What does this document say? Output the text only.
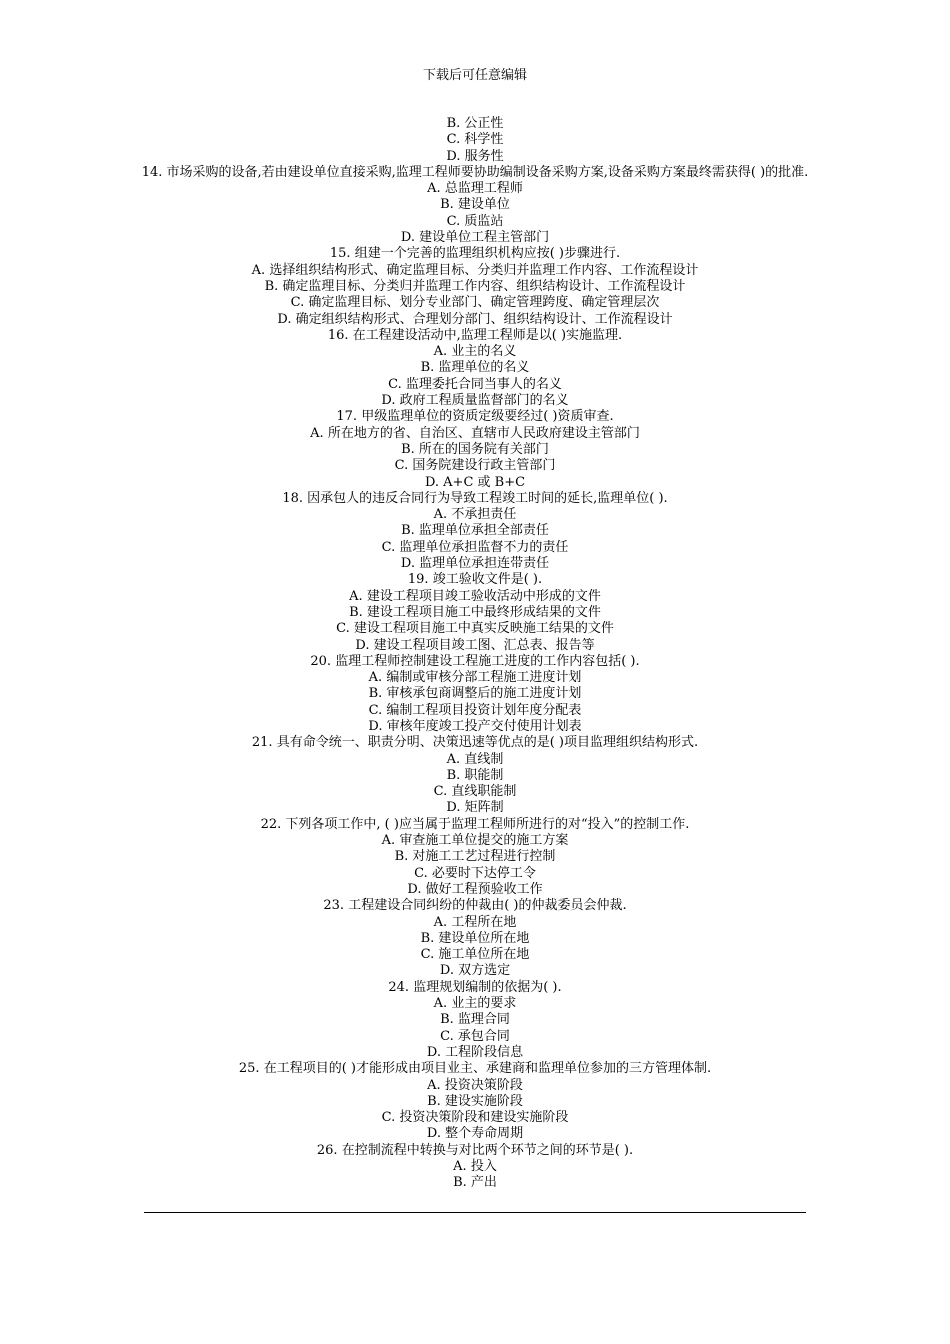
下载后可任意编辑
B. 公正性
C. 科学性
D. 服务性
14. 市场采购的设备,若由建设单位直接采购,监理工程师要协助编制设备采购方案,设备采购方案最终需获得( )的批准.
A. 总监理工程师
B. 建设单位
C. 质监站
D. 建设单位工程主管部门
15. 组建一个完善的监理组织机构应按( )步骤进行.
A. 选择组织结构形式、确定监理目标、分类归并监理工作内容、工作流程设计
B. 确定监理目标、分类归并监理工作内容、组织结构设计、工作流程设计
C. 确定监理目标、划分专业部门、确定管理跨度、确定管理层次
D. 确定组织结构形式、合理划分部门、组织结构设计、工作流程设计
16. 在工程建设活动中,监理工程师是以( )实施监理.
A. 业主的名义
B. 监理单位的名义
C. 监理委托合同当事人的名义
D. 政府工程质量监督部门的名义
17. 甲级监理单位的资质定级要经过( )资质审查.
A. 所在地方的省、自治区、直辖市人民政府建设主管部门
B. 所在的国务院有关部门
C. 国务院建设行政主管部门
D. A+C 或 B+C
18. 因承包人的违反合同行为导致工程竣工时间的延长,监理单位( ).
A. 不承担责任
B. 监理单位承担全部责任
C. 监理单位承担监督不力的责任
D. 监理单位承担连带责任
19. 竣工验收文件是( ).
A. 建设工程项目竣工验收活动中形成的文件
B. 建设工程项目施工中最终形成结果的文件
C. 建设工程项目施工中真实反映施工结果的文件
D. 建设工程项目竣工图、汇总表、报告等
20. 监理工程师控制建设工程施工进度的工作内容包括( ).
A. 编制或审核分部工程施工进度计划
B. 审核承包商调整后的施工进度计划
C. 编制工程项目投资计划年度分配表
D. 审核年度竣工投产交付使用计划表
21. 具有命令统一、职责分明、决策迅速等优点的是( )项目监理组织结构形式.
A. 直线制
B. 职能制
C. 直线职能制
D. 矩阵制
22. 下列各项工作中, ( )应当属于监理工程师所进行的对“投入”的控制工作.
A. 审查施工单位提交的施工方案
B. 对施工工艺过程进行控制
C. 必要时下达停工令
D. 做好工程预验收工作
23. 工程建设合同纠纷的仲裁由( )的仲裁委员会仲裁.
A. 工程所在地
B. 建设单位所在地
C. 施工单位所在地
D. 双方选定
24. 监理规划编制的依据为( ).
A. 业主的要求
B. 监理合同
C. 承包合同
D. 工程阶段信息
25. 在工程项目的( )才能形成由项目业主、承建商和监理单位参加的三方管理体制.
A. 投资决策阶段
B. 建设实施阶段
C. 投资决策阶段和建设实施阶段
D. 整个寿命周期
26. 在控制流程中转换与对比两个环节之间的环节是( ).
A. 投入
B. 产出
